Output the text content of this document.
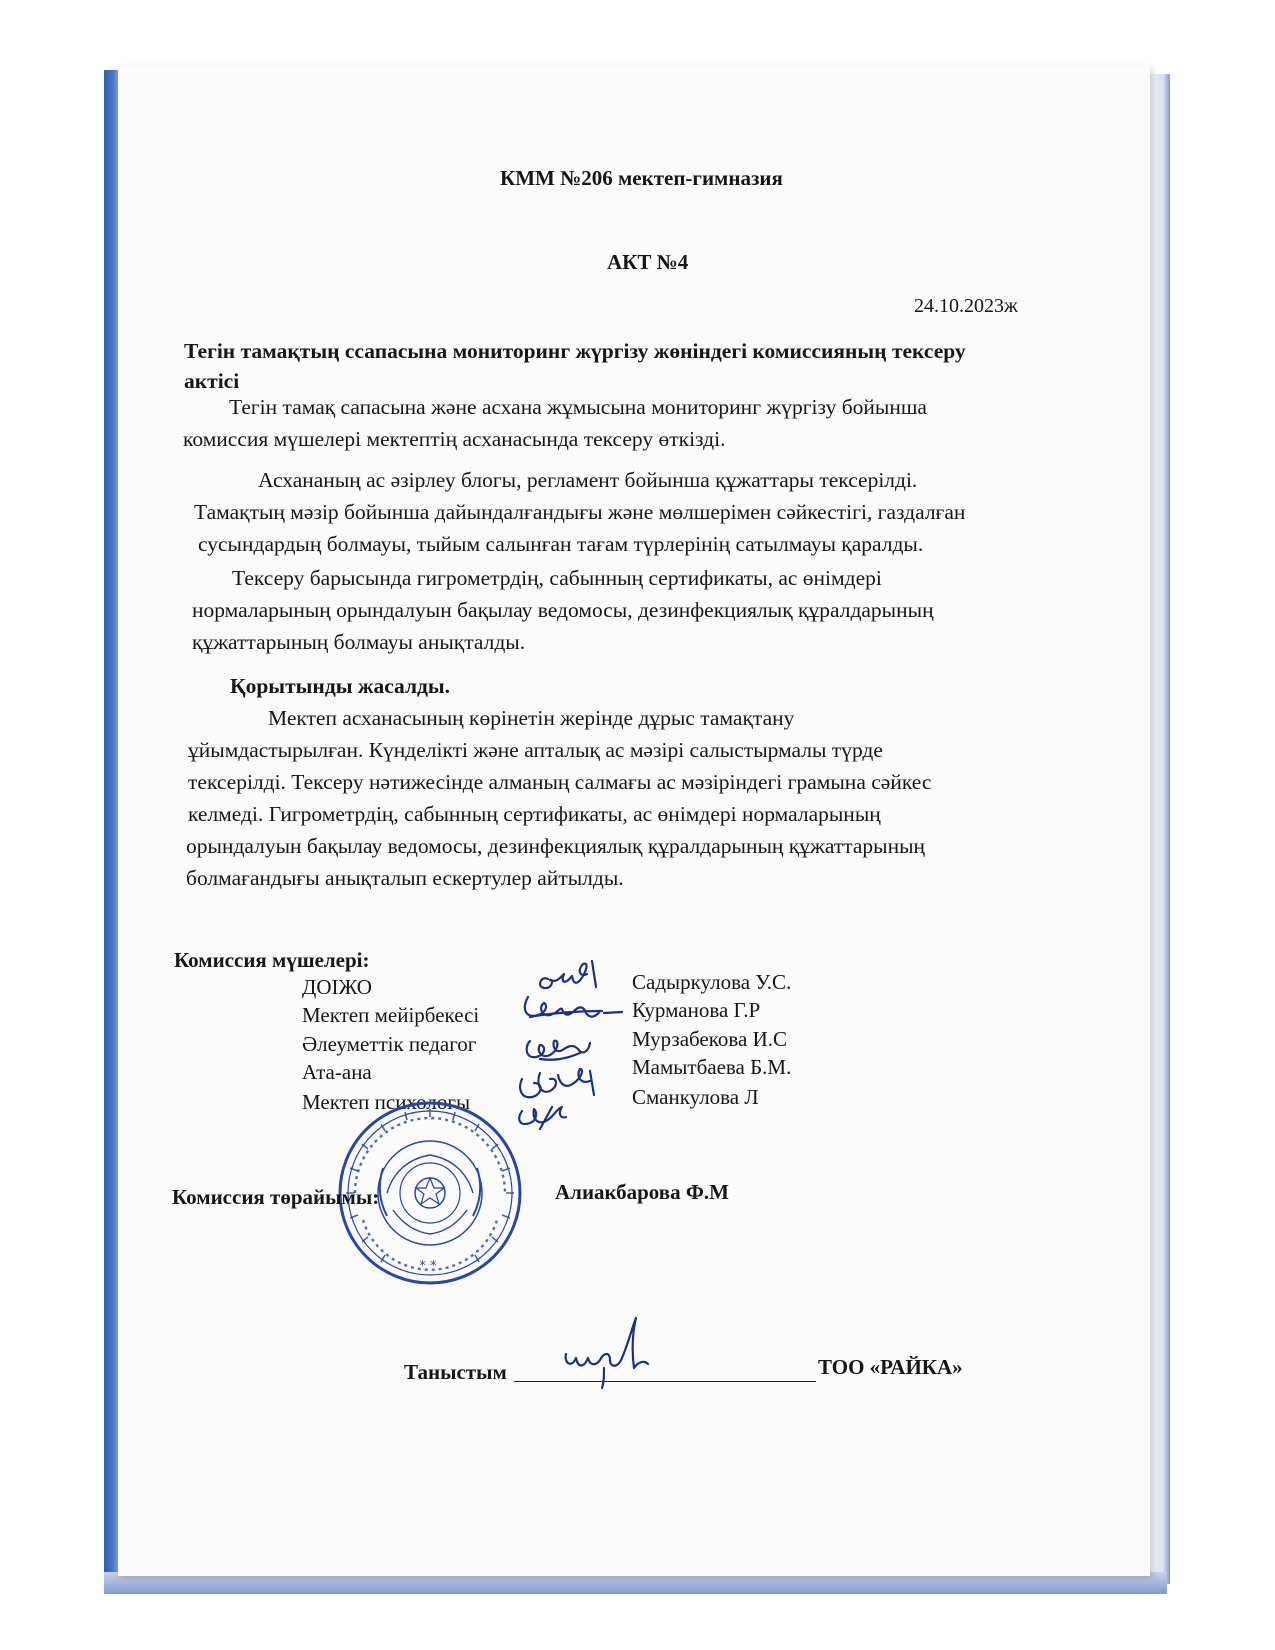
КММ №206 мектеп-гимназия
АКТ №4
24.10.2023ж
Тегін тамақтың ссапасына мониторинг жүргізу жөніндегі комиссияның тексеру
актісі
Тегін тамақ сапасына және асхана жұмысына мониторинг жүргізу бойынша
комиссия мүшелері мектептің асханасында тексеру өткізді.
Асхананың ас әзірлеу блогы, регламент бойынша құжаттары тексерілді.
Тамақтың мәзір бойынша дайындалғандығы және мөлшерімен сәйкестігі, газдалған
сусындардың болмауы, тыйым салынған тағам түрлерінің сатылмауы қаралды.
Тексеру барысында гигрометрдің, сабынның сертификаты, ас өнімдері
нормаларының орындалуын бақылау ведомосы, дезинфекциялық құралдарының
құжаттарының болмауы анықталды.
Қорытынды жасалды.
Мектеп асханасының көрінетін жерінде дұрыс тамақтану
ұйымдастырылған. Күнделікті және апталық ас мәзірі салыстырмалы түрде
тексерілді. Тексеру нәтижесінде алманың салмағы ас мәзіріндегі грамына сәйкес
келмеді. Гигрометрдің, сабынның сертификаты, ас өнімдері нормаларының
орындалуын бақылау ведомосы, дезинфекциялық құралдарының құжаттарының
болмағандығы анықталып ескертулер айтылды.
Комиссия мүшелері:
ДОІЖО	Садыркулова У.С.
Мектеп мейірбекесі	Курманова Г.Р
Әлеуметтік педагог	Мурзабекова И.С
Ата-ана	Мамытбаева Б.М.
Мектеп психологы	Сманкулова Л
* *
Комиссия төрайымы:	Алиакбарова Ф.М
Таныстым	ТОО «РАЙКА»
